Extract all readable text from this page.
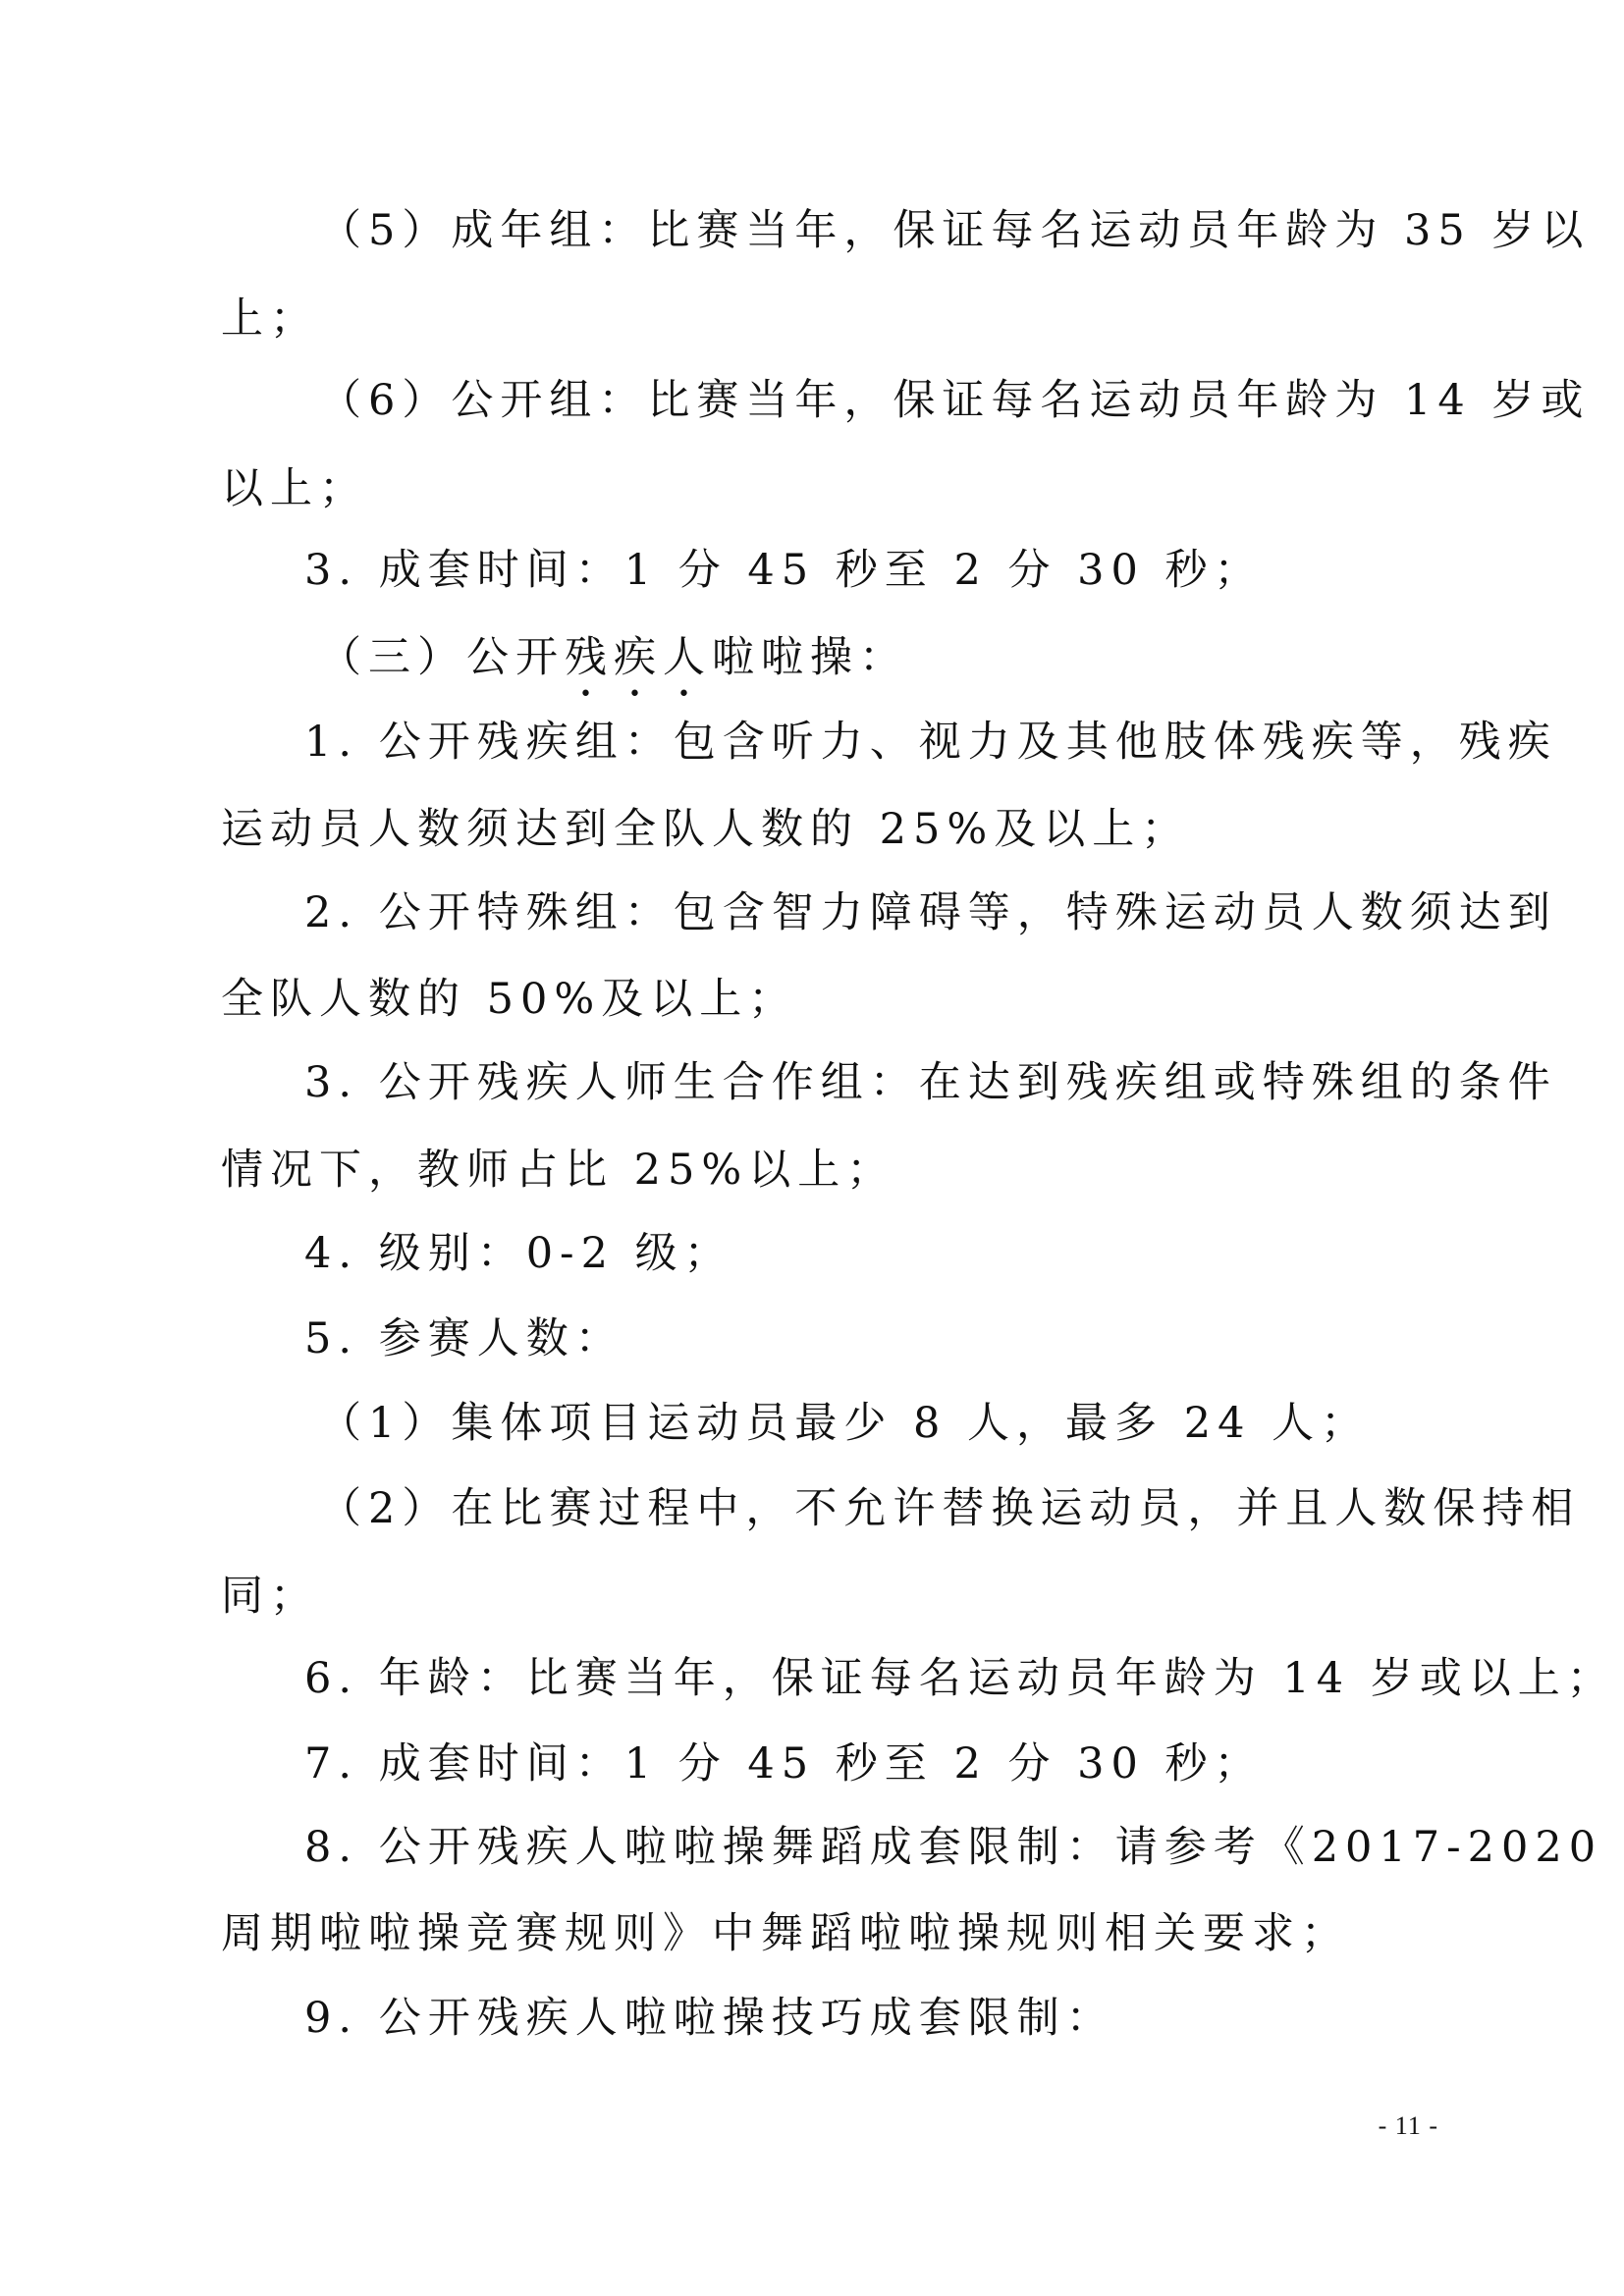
（5）成年组：比赛当年，保证每名运动员年龄为 35 岁以
上；
（6）公开组：比赛当年，保证每名运动员年龄为 14 岁或
以上；
3. 成套时间：1 分 45 秒至 2 分 30 秒；
（三）公开残疾人啦啦操：
1. 公开残疾组：包含听力、视力及其他肢体残疾等，残疾
运动员人数须达到全队人数的 25%及以上；
2. 公开特殊组：包含智力障碍等，特殊运动员人数须达到
全队人数的 50%及以上；
3. 公开残疾人师生合作组：在达到残疾组或特殊组的条件
情况下，教师占比 25%以上；
4. 级别：0-2 级；
5. 参赛人数：
（1）集体项目运动员最少 8 人，最多 24 人；
（2）在比赛过程中，不允许替换运动员，并且人数保持相
同；
6. 年龄：比赛当年，保证每名运动员年龄为 14 岁或以上；
7. 成套时间：1 分 45 秒至 2 分 30 秒；
8. 公开残疾人啦啦操舞蹈成套限制：请参考《2017-2020
周期啦啦操竞赛规则》中舞蹈啦啦操规则相关要求；
9. 公开残疾人啦啦操技巧成套限制：
- 11 -
